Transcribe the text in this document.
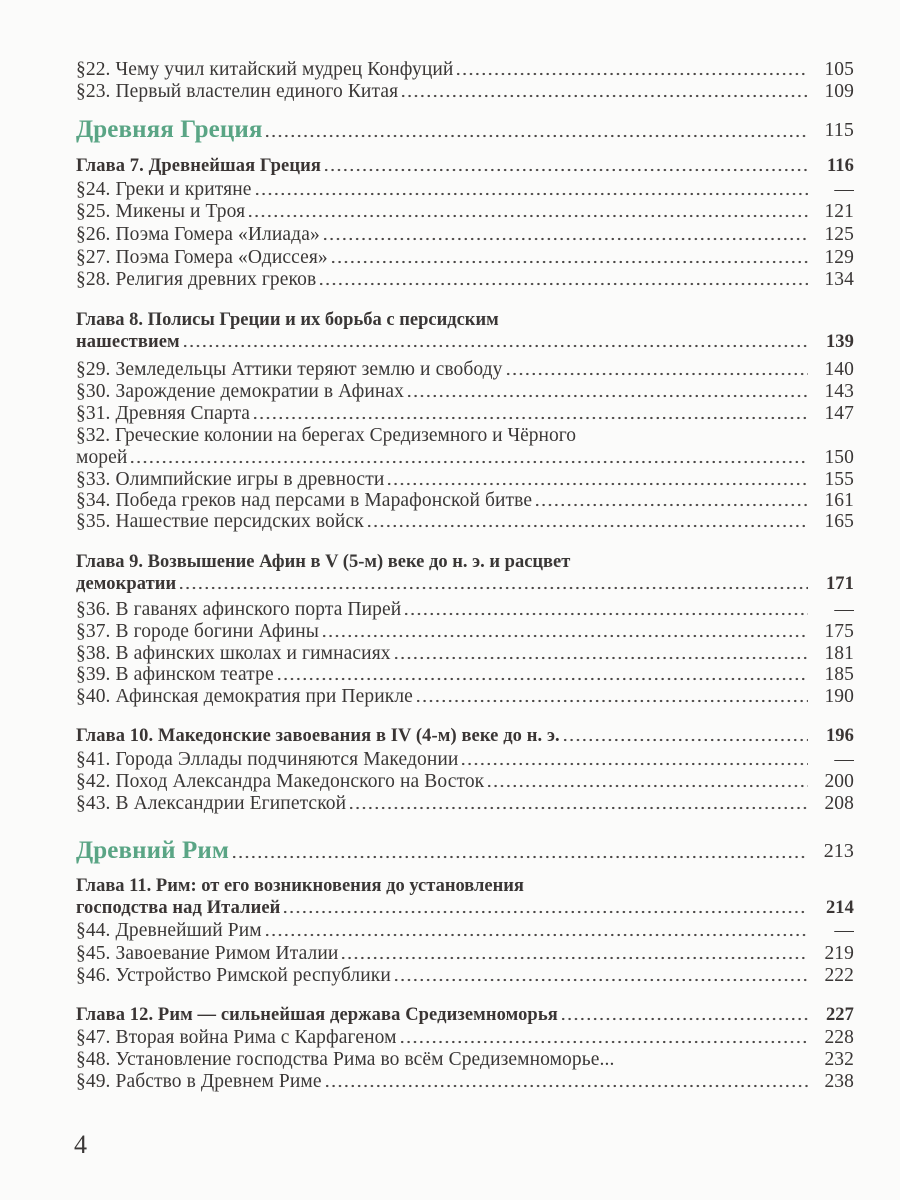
§22. Чему учил китайский мудрец Конфуций	105
§23. Первый властелин единого Китая	109
Древняя Греция	115
Глава 7. Древнейшая Греция	116
§24. Греки и критяне	—
§25. Микены и Троя	121
§26. Поэма Гомера «Илиада»	125
§27. Поэма Гомера «Одиссея»	129
§28. Религия древних греков	134
Глава 8. Полисы Греции и их борьба с персидским
нашествием	139
§29. Земледельцы Аттики теряют землю и свободу	140
§30. Зарождение демократии в Афинах	143
§31. Древняя Спарта	147
§32. Греческие колонии на берегах Средиземного и Чёрного
морей	150
§33. Олимпийские игры в древности	155
§34. Победа греков над персами в Марафонской битве	161
§35. Нашествие персидских войск	165
Глава 9. Возвышение Афин в V (5-м) веке до н. э. и расцвет
демократии	171
§36. В гаванях афинского порта Пирей	—
§37. В городе богини Афины	175
§38. В афинских школах и гимнасиях	181
§39. В афинском театре	185
§40. Афинская демократия при Перикле	190
Глава 10. Македонские завоевания в IV (4-м) веке до н. э.	196
§41. Города Эллады подчиняются Македонии	—
§42. Поход Александра Македонского на Восток	200
§43. В Александрии Египетской	208
Древний Рим	213
Глава 11. Рим: от его возникновения до установления
господства над Италией	214
§44. Древнейший Рим	—
§45. Завоевание Римом Италии	219
§46. Устройство Римской республики	222
Глава 12. Рим — сильнейшая держава Средиземноморья	227
§47. Вторая война Рима с Карфагеном	228
§48. Установление господства Рима во всём Средиземноморье...	232
§49. Рабство в Древнем Риме	238
4
